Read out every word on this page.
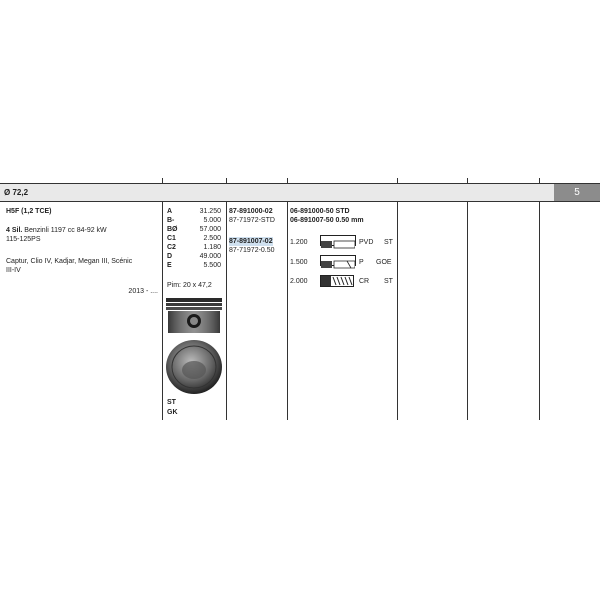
Ø 72,2	5
H5F (1,2 TCE)
4 Sil. Benzinli 1197 cc 84-92 kW
115-125PS
Captur, Clio IV, Kadjar, Megan III, Scénic
III-IV
2013 - ....
A	31.250
B-	5.000
BØ	57.000
C1	2.500
C2	1.180
D	49.000
E	5.500
Pim: 20 x 47,2
ST
GK
87-891000-02
87-71972-STD
87-891007-02
87-71972-0.50
06-891000-50 STD
06-891007-50 0.50 mm
1.200	PVD ST
1.500	P GOE
2.000	CR ST
